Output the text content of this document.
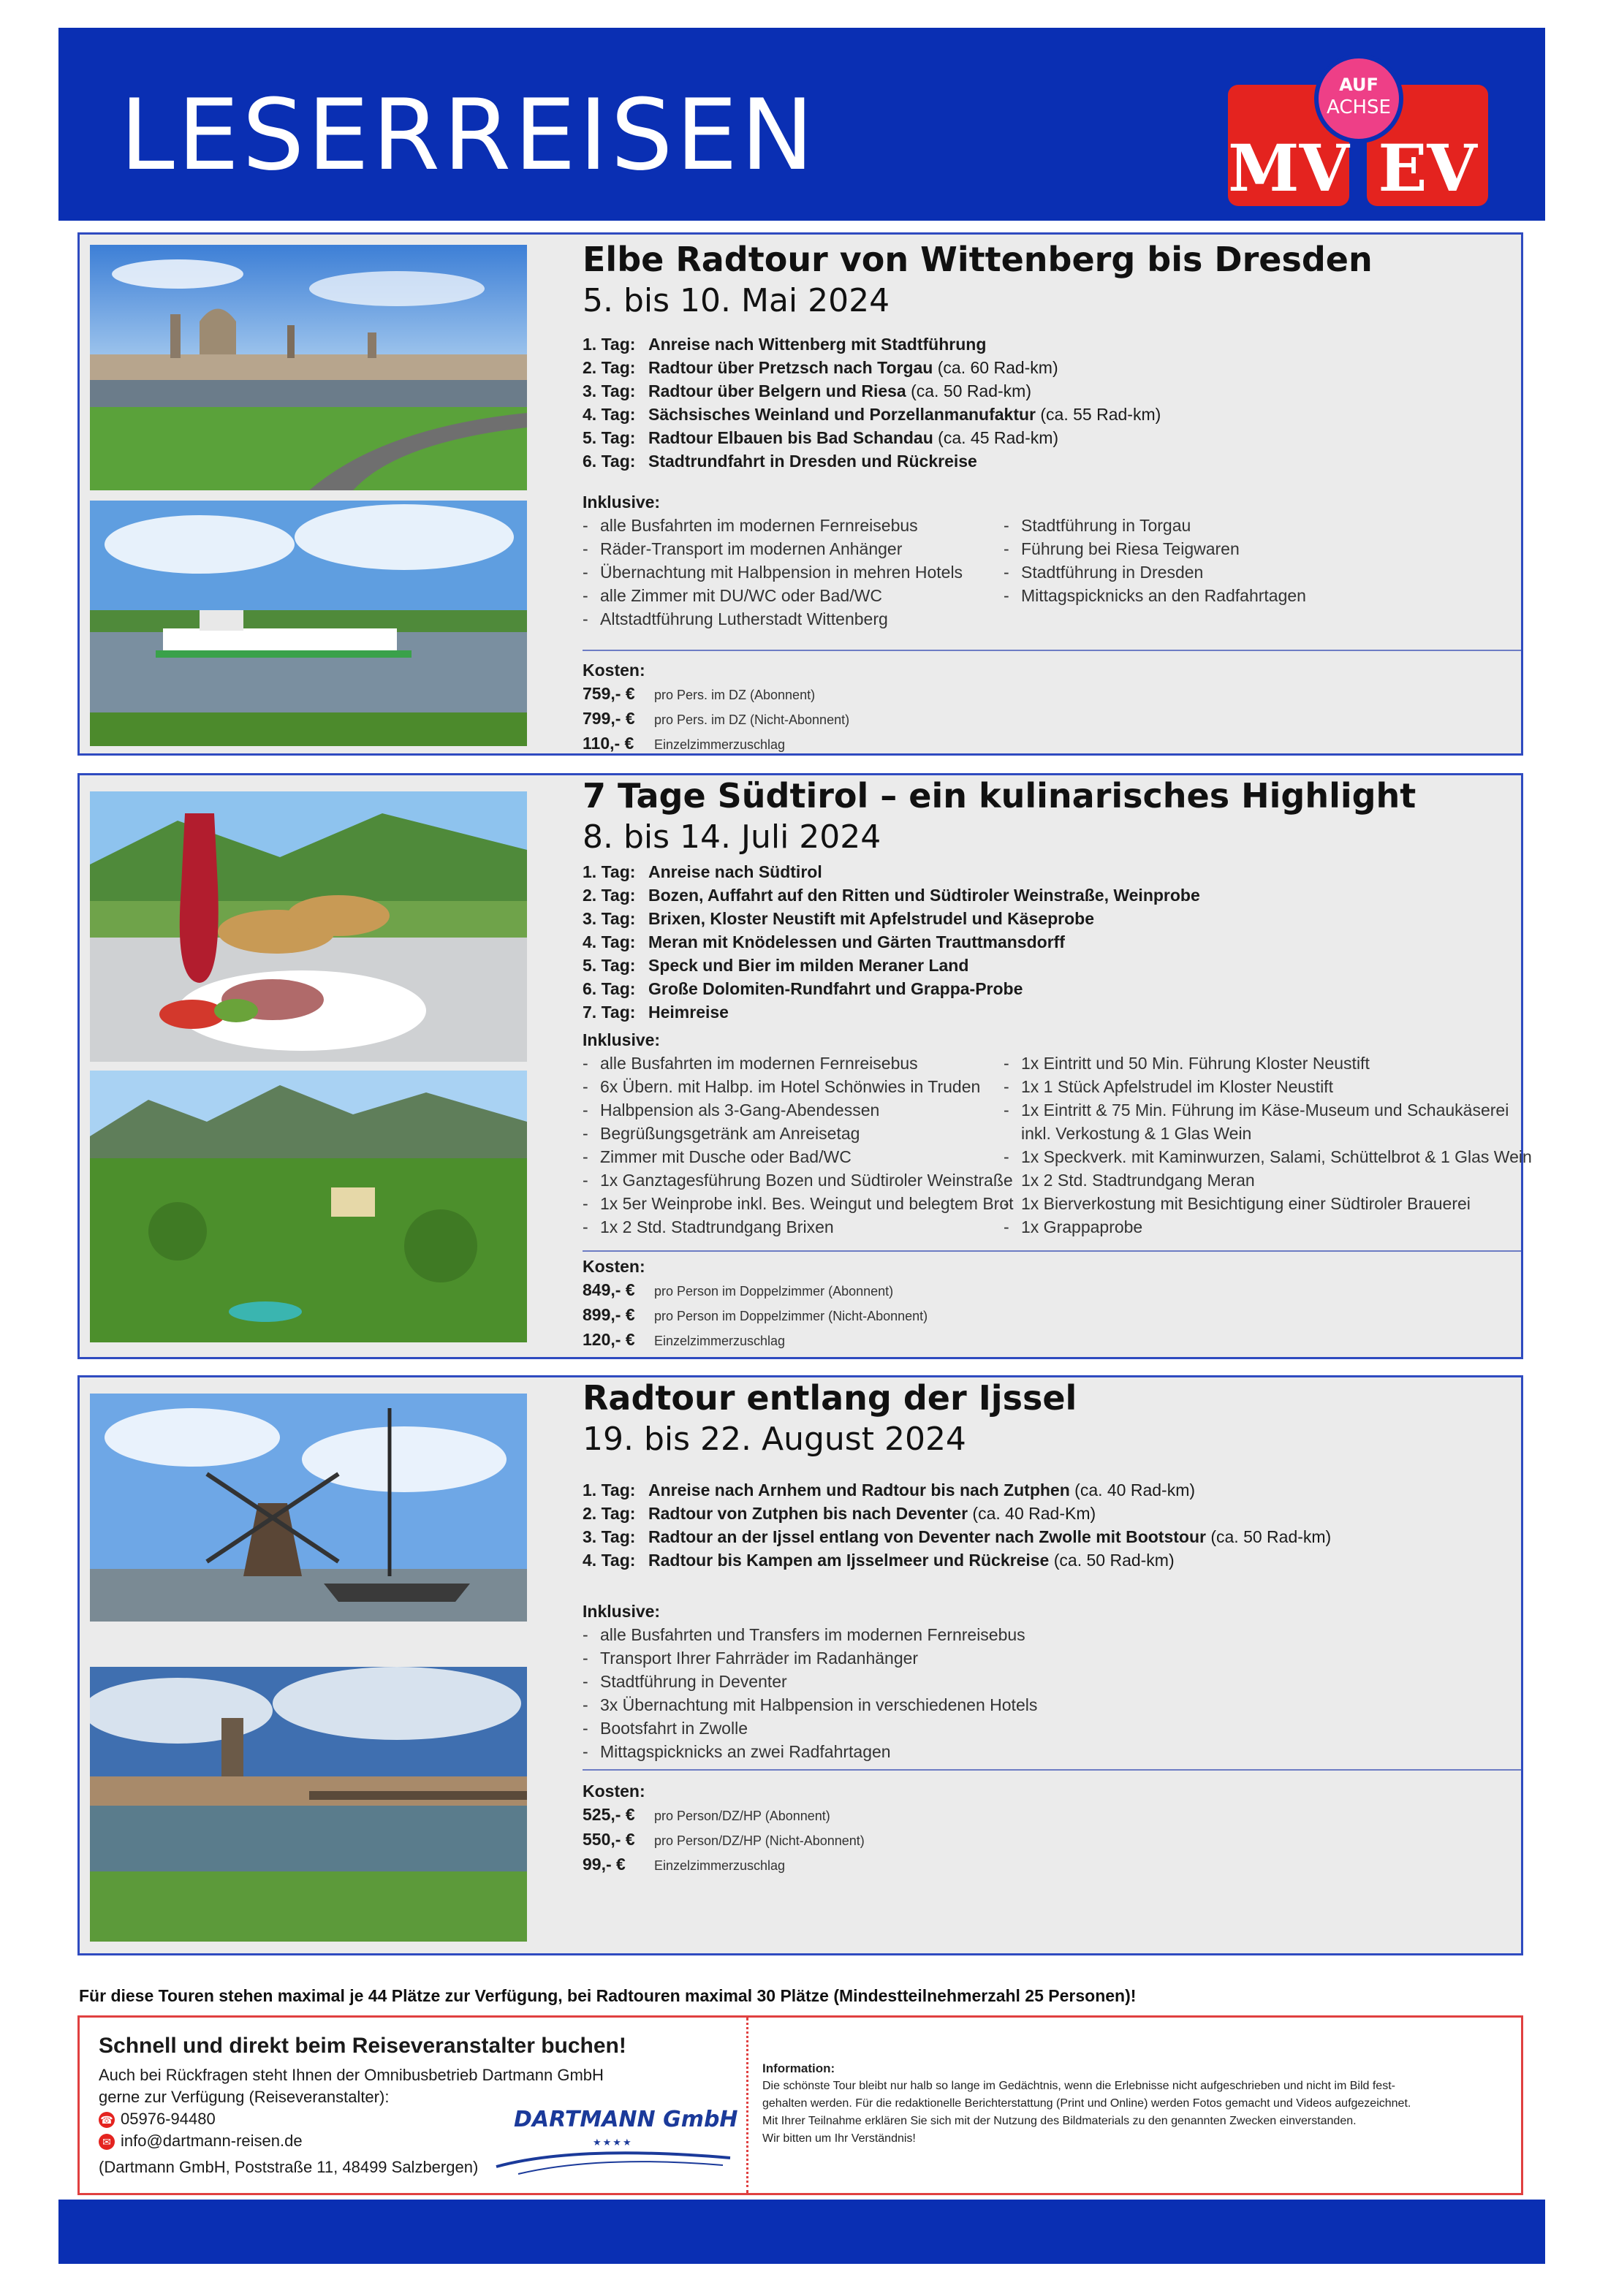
LESERREISEN	MV EV
AUF
ACHSE
Elbe Radtour von Wittenberg bis Dresden
5. bis 10. Mai 2024
1. Tag: Anreise nach Wittenberg mit Stadtführung
2. Tag: Radtour über Pretzsch nach Torgau (ca. 60 Rad-km)
3. Tag: Radtour über Belgern und Riesa (ca. 50 Rad-km)
4. Tag: Sächsisches Weinland und Porzellanmanufaktur (ca. 55 Rad-km)
5. Tag: Radtour Elbauen bis Bad Schandau (ca. 45 Rad-km)
6. Tag: Stadtrundfahrt in Dresden und Rückreise
Inklusive:
- alle Busfahrten im modernen Fernreisebus
- Räder-Transport im modernen Anhänger
- Übernachtung mit Halbpension in mehren Hotels
- alle Zimmer mit DU/WC oder Bad/WC
- Altstadtführung Lutherstadt Wittenberg
- Stadtführung in Torgau
- Führung bei Riesa Teigwaren
- Stadtführung in Dresden
- Mittagspicknicks an den Radfahrtagen
Kosten:
759,- € pro Pers. im DZ (Abonnent)
799,- € pro Pers. im DZ (Nicht-Abonnent)
110,- € Einzelzimmerzuschlag
7 Tage Südtirol – ein kulinarisches Highlight
8. bis 14. Juli 2024
1. Tag: Anreise nach Südtirol
2. Tag: Bozen, Auffahrt auf den Ritten und Südtiroler Weinstraße, Weinprobe
3. Tag: Brixen, Kloster Neustift mit Apfelstrudel und Käseprobe
4. Tag: Meran mit Knödelessen und Gärten Trauttmansdorff
5. Tag: Speck und Bier im milden Meraner Land
6. Tag: Große Dolomiten-Rundfahrt und Grappa-Probe
7. Tag: Heimreise
Inklusive:
- alle Busfahrten im modernen Fernreisebus
- 6x Übern. mit Halbp. im Hotel Schönwies in Truden
- Halbpension als 3-Gang-Abendessen
- Begrüßungsgetränk am Anreisetag
- Zimmer mit Dusche oder Bad/WC
- 1x Ganztagesführung Bozen und Südtiroler Weinstraße
- 1x 5er Weinprobe inkl. Bes. Weingut und belegtem Brot
- 1x 2 Std. Stadtrundgang Brixen
- 1x Eintritt und 50 Min. Führung Kloster Neustift
- 1x 1 Stück Apfelstrudel im Kloster Neustift
- 1x Eintritt & 75 Min. Führung im Käse-Museum und Schaukäserei
inkl. Verkostung & 1 Glas Wein
- 1x Speckverk. mit Kaminwurzen, Salami, Schüttelbrot & 1 Glas Wein
- 1x 2 Std. Stadtrundgang Meran
- 1x Bierverkostung mit Besichtigung einer Südtiroler Brauerei
- 1x Grappaprobe
Kosten:
849,- € pro Person im Doppelzimmer (Abonnent)
899,- € pro Person im Doppelzimmer (Nicht-Abonnent)
120,- € Einzelzimmerzuschlag
Radtour entlang der Ijssel
19. bis 22. August 2024
1. Tag: Anreise nach Arnhem und Radtour bis nach Zutphen (ca. 40 Rad-km)
2. Tag: Radtour von Zutphen bis nach Deventer (ca. 40 Rad-Km)
3. Tag: Radtour an der Ijssel entlang von Deventer nach Zwolle mit Bootstour (ca. 50 Rad-km)
4. Tag: Radtour bis Kampen am Ijsselmeer und Rückreise (ca. 50 Rad-km)
Inklusive:
- alle Busfahrten und Transfers im modernen Fernreisebus
- Transport Ihrer Fahrräder im Radanhänger
- Stadtführung in Deventer
- 3x Übernachtung mit Halbpension in verschiedenen Hotels
- Bootsfahrt in Zwolle
- Mittagspicknicks an zwei Radfahrtagen
Kosten:
525,- € pro Person/DZ/HP (Abonnent)
550,- € pro Person/DZ/HP (Nicht-Abonnent)
99,- € Einzelzimmerzuschlag
Für diese Touren stehen maximal je 44 Plätze zur Verfügung, bei Radtouren maximal 30 Plätze (Mindestteilnehmerzahl 25 Personen)!
Schnell und direkt beim Reiseveranstalter buchen!
Auch bei Rückfragen steht Ihnen der Omnibusbetrieb Dartmann GmbH
gerne zur Verfügung (Reiseveranstalter):
☎ 05976-94480
✉ info@dartmann-reisen.de
(Dartmann GmbH, Poststraße 11, 48499 Salzbergen)
DARTMANN GmbH
★★★★
Information:
Die schönste Tour bleibt nur halb so lange im Gedächtnis, wenn die Erlebnisse nicht aufgeschrieben und nicht im Bild fest-
gehalten werden. Für die redaktionelle Berichterstattung (Print und Online) werden Fotos gemacht und Videos aufgezeichnet.
Mit Ihrer Teilnahme erklären Sie sich mit der Nutzung des Bildmaterials zu den genannten Zwecken einverstanden.
Wir bitten um Ihr Verständnis!
